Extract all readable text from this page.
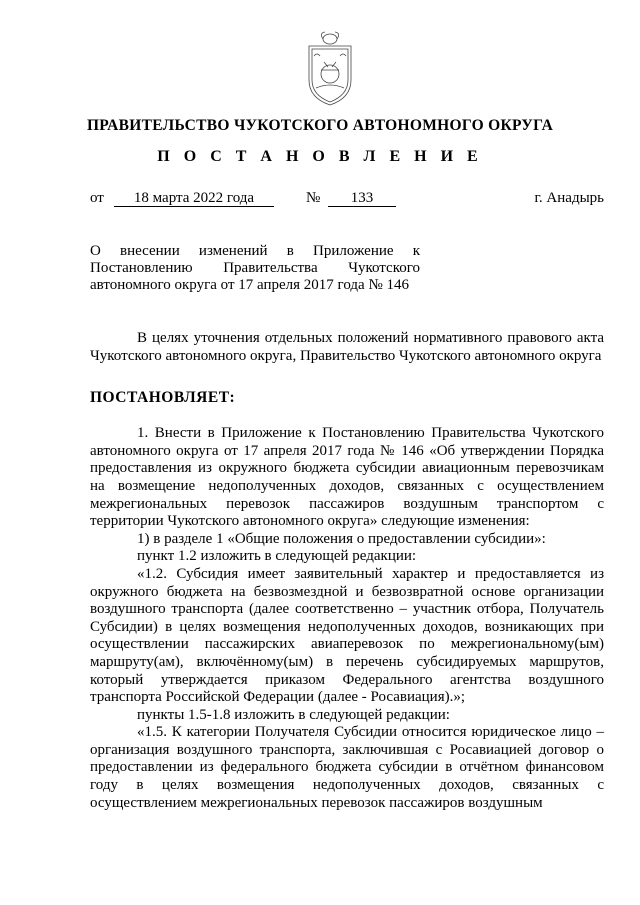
ПРАВИТЕЛЬСТВО ЧУКОТСКОГО АВТОНОМНОГО ОКРУГА
П О С Т А Н О В Л Е Н И Е
от	18 марта 2022 года	№	133	г. Анадырь

О внесении изменений в Приложение к Постановлению Правительства Чукотского автономного округа от 17 апреля 2017 года № 146

В целях уточнения отдельных положений нормативного правового акта Чукотского автономного округа, Правительство Чукотского автономного округа

ПОСТАНОВЛЯЕТ:

1. Внести в Приложение к Постановлению Правительства Чукотского автономного округа от 17 апреля 2017 года № 146 «Об утверждении Порядка предоставления из окружного бюджета субсидии авиационным перевозчикам на возмещение недополученных доходов, связанных с осуществлением межрегиональных перевозок пассажиров воздушным транспортом с территории Чукотского автономного округа» следующие изменения:

1) в разделе 1 «Общие положения о предоставлении субсидии»:

пункт 1.2 изложить в следующей редакции:

«1.2. Субсидия имеет заявительный характер и предоставляется из окружного бюджета на безвозмездной и безвозвратной основе организации воздушного транспорта (далее соответственно – участник отбора, Получатель Субсидии) в целях возмещения недополученных доходов, возникающих при осуществлении пассажирских авиаперевозок по межрегиональному(ым) маршруту(ам), включённому(ым) в перечень субсидируемых маршрутов, который утверждается приказом Федерального агентства воздушного транспорта Российской Федерации (далее - Росавиация).»;

пункты 1.5-1.8 изложить в следующей редакции:

«1.5. К категории Получателя Субсидии относится юридическое лицо – организация воздушного транспорта, заключившая с Росавиацией договор о предоставлении из федерального бюджета субсидии в отчётном финансовом году в целях возмещения недополученных доходов, связанных с осуществлением межрегиональных перевозок пассажиров воздушным
